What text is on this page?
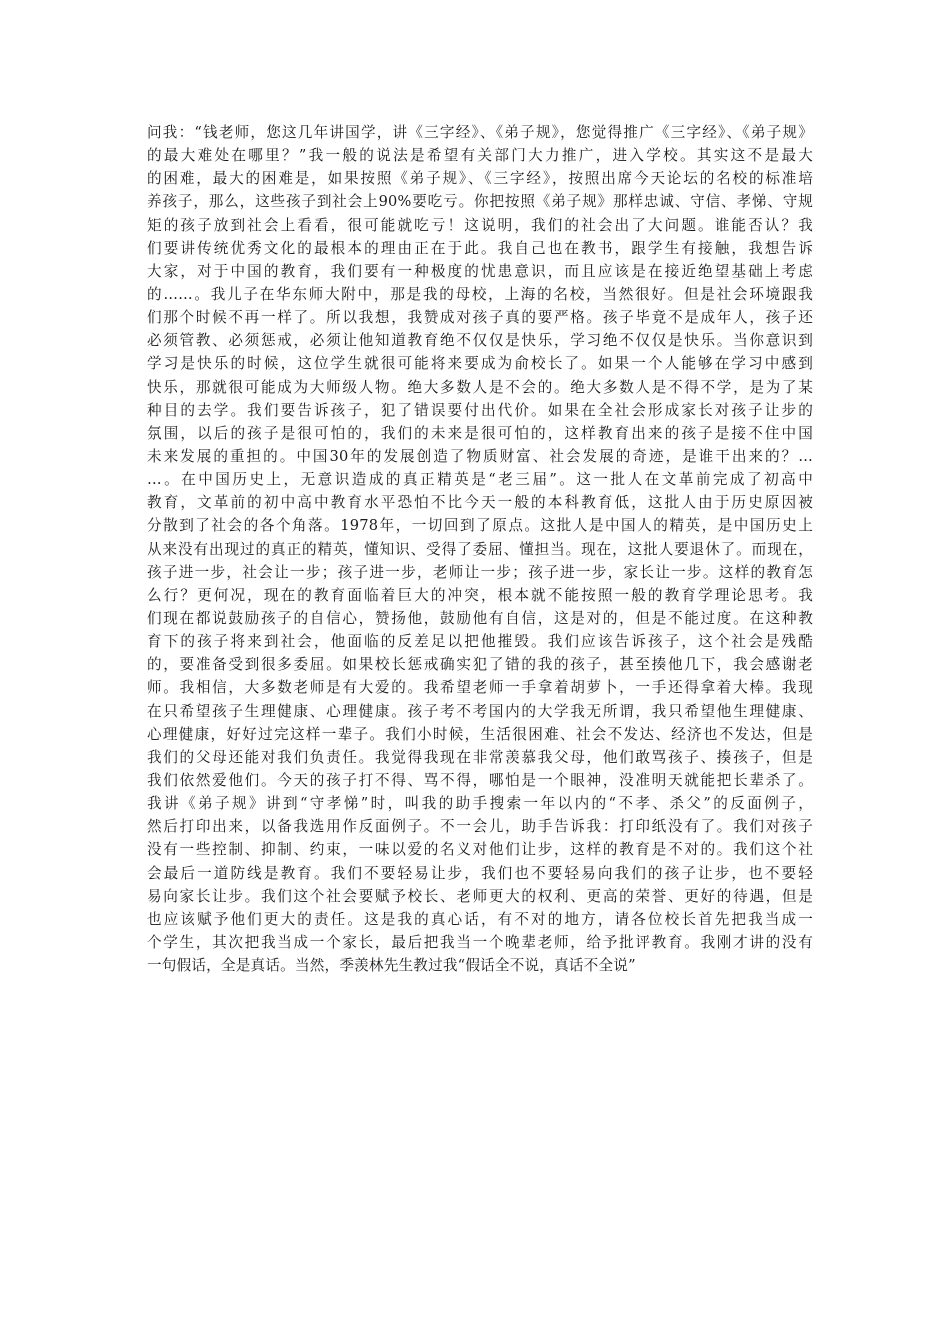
问我：“钱老师，您这几年讲国学，讲《三字经》、《弟子规》，您觉得推广《三字经》、《弟子规》
的最大难处在哪里？”我一般的说法是希望有关部门大力推广，进入学校。其实这不是最大
的困难，最大的困难是，如果按照《弟子规》、《三字经》，按照出席今天论坛的名校的标准培
养孩子，那么，这些孩子到社会上90%要吃亏。你把按照《弟子规》那样忠诚、守信、孝悌、守规
矩的孩子放到社会上看看，很可能就吃亏！这说明，我们的社会出了大问题。谁能否认？我
们要讲传统优秀文化的最根本的理由正在于此。我自己也在教书，跟学生有接触，我想告诉
大家，对于中国的教育，我们要有一种极度的忧患意识，而且应该是在接近绝望基础上考虑
的……。我儿子在华东师大附中，那是我的母校，上海的名校，当然很好。但是社会环境跟我
们那个时候不再一样了。所以我想，我赞成对孩子真的要严格。孩子毕竟不是成年人，孩子还
必须管教、必须惩戒，必须让他知道教育绝不仅仅是快乐，学习绝不仅仅是快乐。当你意识到
学习是快乐的时候，这位学生就很可能将来要成为俞校长了。如果一个人能够在学习中感到
快乐，那就很可能成为大师级人物。绝大多数人是不会的。绝大多数人是不得不学，是为了某
种目的去学。我们要告诉孩子，犯了错误要付出代价。如果在全社会形成家长对孩子让步的
氛围，以后的孩子是很可怕的，我们的未来是很可怕的，这样教育出来的孩子是接不住中国
未来发展的重担的。中国30年的发展创造了物质财富、社会发展的奇迹，是谁干出来的？…
…。在中国历史上，无意识造成的真正精英是“老三届”。这一批人在文革前完成了初高中
教育，文革前的初中高中教育水平恐怕不比今天一般的本科教育低，这批人由于历史原因被
分散到了社会的各个角落。1978年，一切回到了原点。这批人是中国人的精英，是中国历史上
从来没有出现过的真正的精英，懂知识、受得了委屈、懂担当。现在，这批人要退休了。而现在，
孩子进一步，社会让一步；孩子进一步，老师让一步；孩子进一步，家长让一步。这样的教育怎
么行？更何况，现在的教育面临着巨大的冲突，根本就不能按照一般的教育学理论思考。我
们现在都说鼓励孩子的自信心，赞扬他，鼓励他有自信，这是对的，但是不能过度。在这种教
育下的孩子将来到社会，他面临的反差足以把他摧毁。我们应该告诉孩子，这个社会是残酷
的，要准备受到很多委屈。如果校长惩戒确实犯了错的我的孩子，甚至揍他几下，我会感谢老
师。我相信，大多数老师是有大爱的。我希望老师一手拿着胡萝卜，一手还得拿着大棒。我现
在只希望孩子生理健康、心理健康。孩子考不考国内的大学我无所谓，我只希望他生理健康、
心理健康，好好过完这样一辈子。我们小时候，生活很困难、社会不发达、经济也不发达，但是
我们的父母还能对我们负责任。我觉得我现在非常羡慕我父母，他们敢骂孩子、揍孩子，但是
我们依然爱他们。今天的孩子打不得、骂不得，哪怕是一个眼神，没准明天就能把长辈杀了。
我讲《弟子规》讲到“守孝悌”时，叫我的助手搜索一年以内的“不孝、杀父”的反面例子，
然后打印出来，以备我选用作反面例子。不一会儿，助手告诉我：打印纸没有了。我们对孩子
没有一些控制、抑制、约束，一味以爱的名义对他们让步，这样的教育是不对的。我们这个社
会最后一道防线是教育。我们不要轻易让步，我们也不要轻易向我们的孩子让步，也不要轻
易向家长让步。我们这个社会要赋予校长、老师更大的权利、更高的荣誉、更好的待遇，但是
也应该赋予他们更大的责任。这是我的真心话，有不对的地方，请各位校长首先把我当成一
个学生，其次把我当成一个家长，最后把我当一个晚辈老师，给予批评教育。我刚才讲的没有
一句假话，全是真话。当然，季羡林先生教过我“假话全不说，真话不全说”
